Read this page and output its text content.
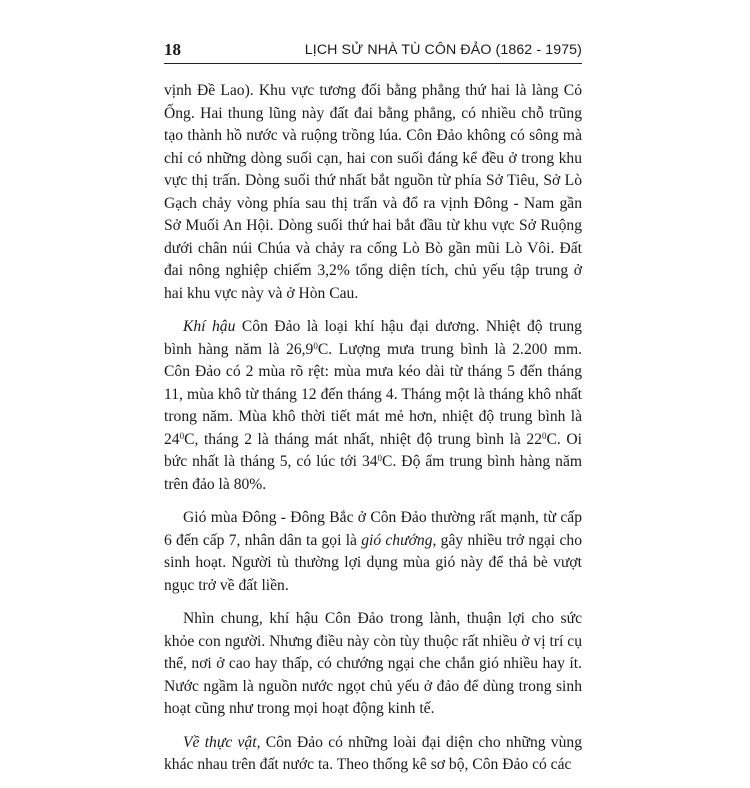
18	LỊCH SỬ NHÀ TÙ CÔN ĐẢO (1862 - 1975)

vịnh Đề Lao). Khu vực tương đối bằng phẳng thứ hai là làng Cỏ Ống. Hai thung lũng này đất đai bằng phẳng, có nhiều chỗ trũng tạo thành hồ nước và ruộng trồng lúa. Côn Đảo không có sông mà chỉ có những dòng suối cạn, hai con suối đáng kể đều ở trong khu vực thị trấn. Dòng suối thứ nhất bắt nguồn từ phía Sở Tiêu, Sở Lò Gạch chảy vòng phía sau thị trấn và đổ ra vịnh Đông - Nam gần Sở Muối An Hội. Dòng suối thứ hai bắt đầu từ khu vực Sở Ruộng dưới chân núi Chúa và chảy ra cống Lò Bò gần mũi Lò Vôi. Đất đai nông nghiệp chiếm 3,2% tổng diện tích, chủ yếu tập trung ở hai khu vực này và ở Hòn Cau.

Khí hậu Côn Đảo là loại khí hậu đại dương. Nhiệt độ trung bình hàng năm là 26,9$^0$C. Lượng mưa trung bình là 2.200 mm. Côn Đảo có 2 mùa rõ rệt: mùa mưa kéo dài từ tháng 5 đến tháng 11, mùa khô từ tháng 12 đến tháng 4. Tháng một là tháng khô nhất trong năm. Mùa khô thời tiết mát mẻ hơn, nhiệt độ trung bình là $24^0C$, tháng 2 là tháng mát nhất, nhiệt độ trung bình là $22^0C$. Oi bức nhất là tháng 5, có lúc tới $34^0C$. Độ ẩm trung bình hàng năm trên đảo là 80%.

Gió mùa Đông - Đông Bắc ở Côn Đảo thường rất mạnh, từ cấp 6 đến cấp 7, nhân dân ta gọi là gió chướng, gây nhiều trở ngại cho sinh hoạt. Người tù thường lợi dụng mùa gió này để thả bè vượt ngục trở về đất liền.

Nhìn chung, khí hậu Côn Đảo trong lành, thuận lợi cho sức khỏe con người. Nhưng điều này còn tùy thuộc rất nhiều ở vị trí cụ thể, nơi ở cao hay thấp, có chướng ngại che chắn gió nhiều hay ít. Nước ngầm là nguồn nước ngọt chủ yếu ở đảo để dùng trong sinh hoạt cũng như trong mọi hoạt động kinh tế.

Về thực vật, Côn Đảo có những loài đại diện cho những vùng khác nhau trên đất nước ta. Theo thống kê sơ bộ, Côn Đảo có các
